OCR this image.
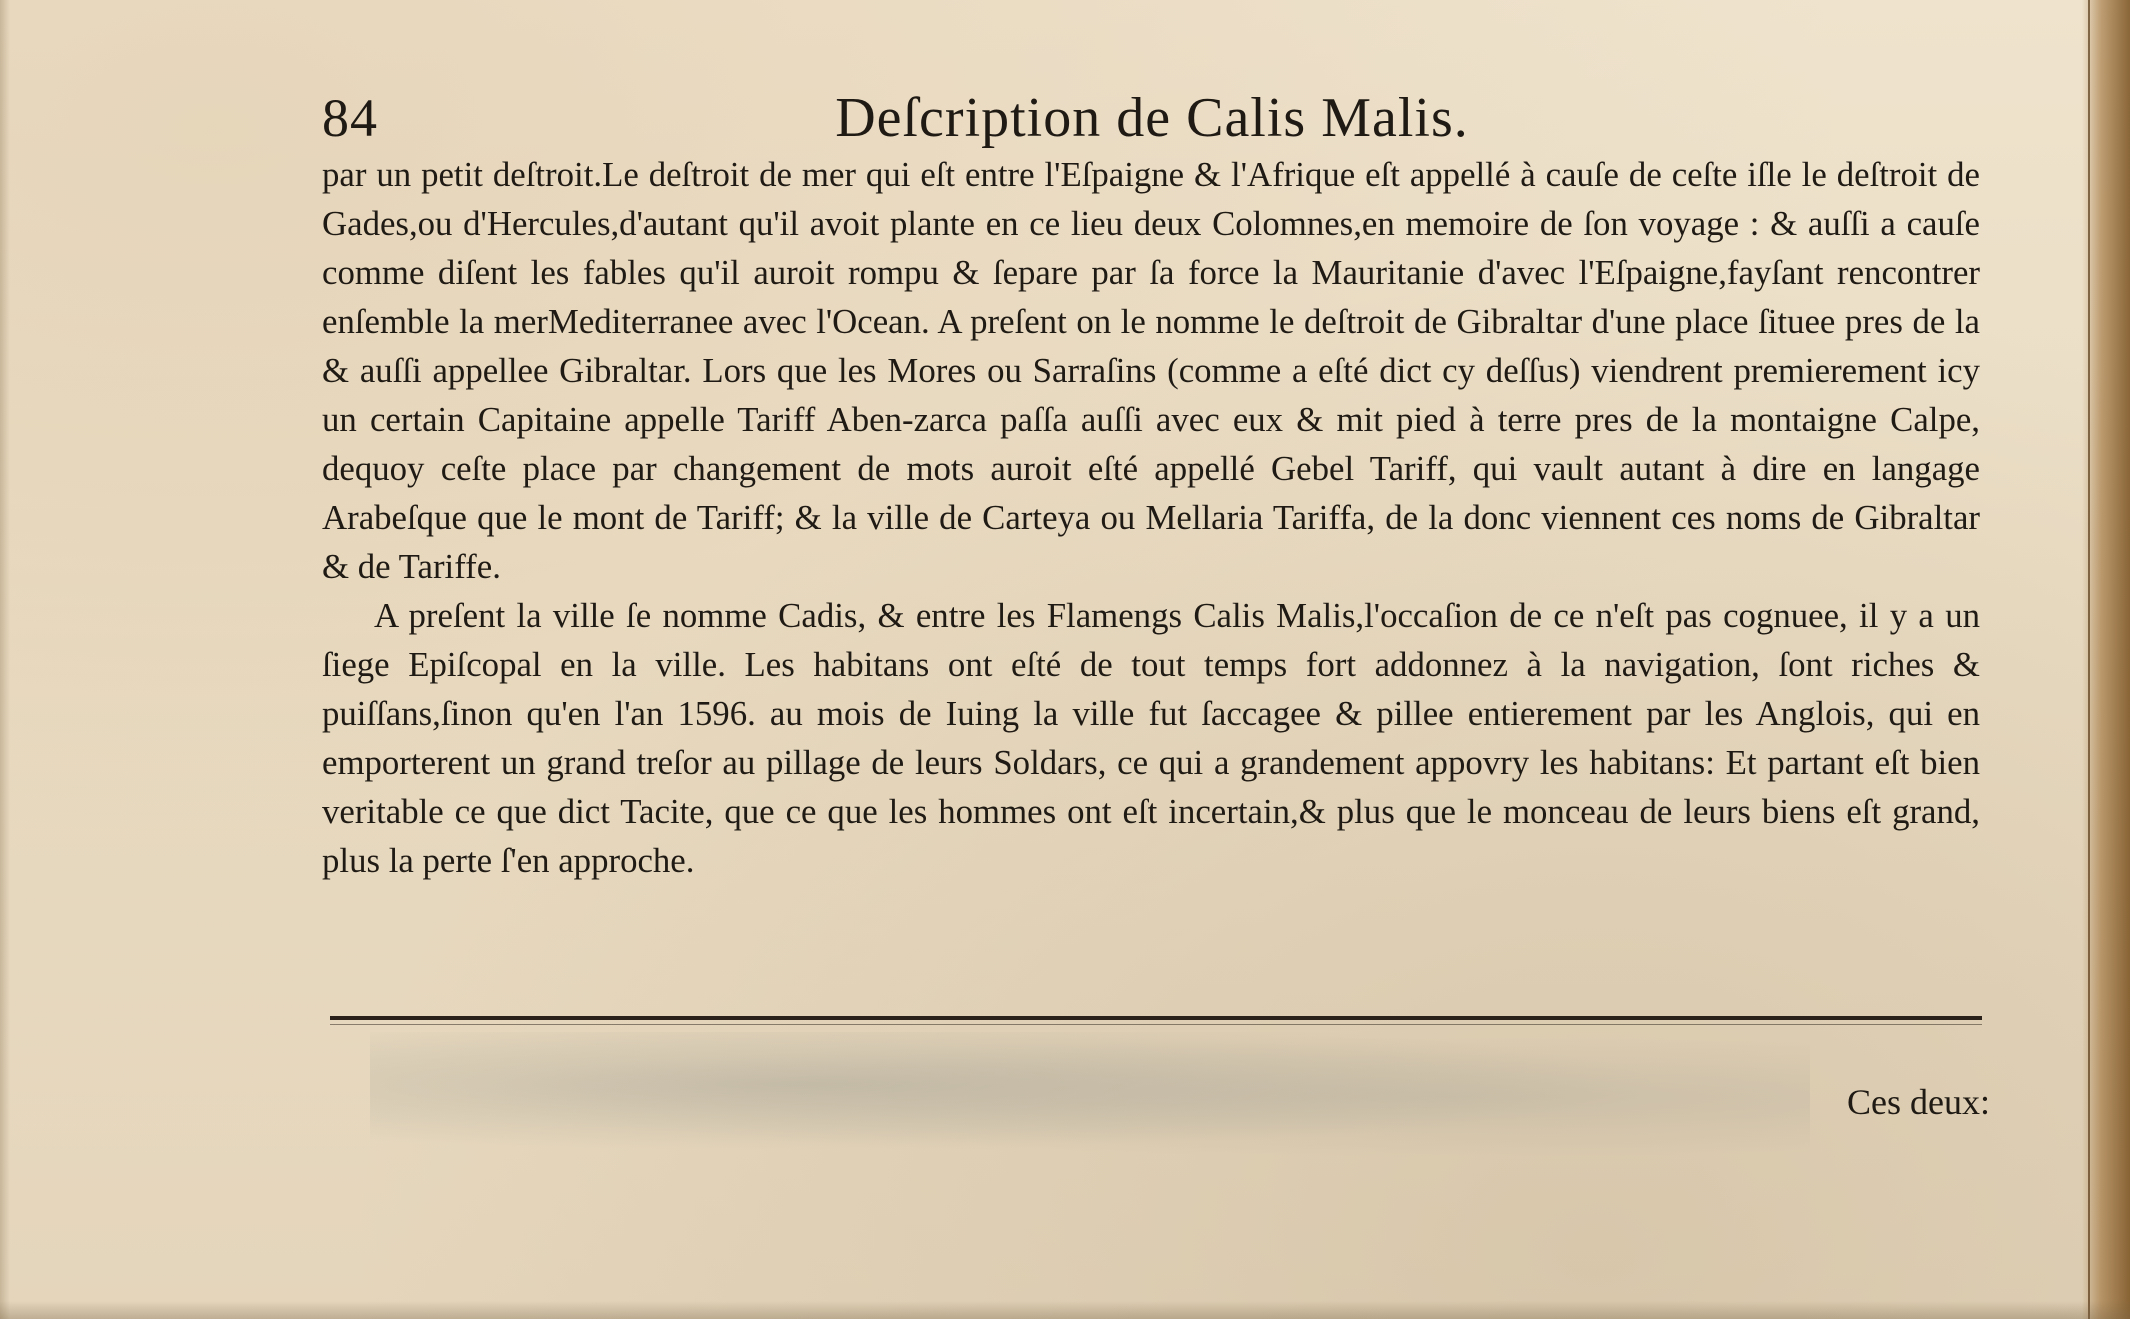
84	Deſcription de Calis Malis.

par un petit deſtroit.Le deſtroit de mer qui eſt entre l'Eſpaigne & l'Afrique eſt appellé à cauſe de ceſte iſle le deſtroit de Gades,ou d'Hercules,d'autant qu'il avoit plante en ce lieu deux Colomnes,en memoire de ſon voyage : & auſſi a cauſe comme diſent les fables qu'il auroit rompu & ſepare par ſa force la Mauritanie d'avec l'Eſpaigne,fayſant rencontrer enſemble la merMediterranee avec l'Ocean. A preſent on le nomme le deſtroit de Gibraltar d'une place ſituee pres de la & auſſi appellee Gibraltar. Lors que les Mores ou Sarraſins (comme a eſté dict cy deſſus) viendrent premierement icy un certain Capitaine appelle Tariff Aben-zarca paſſa auſſi avec eux & mit pied à terre pres de la montaigne Calpe, dequoy ceſte place par changement de mots auroit eſté appellé Gebel Tariff, qui vault autant à dire en langage Arabeſque que le mont de Tariff; & la ville de Carteya ou Mellaria Tariffa, de la donc viennent ces noms de Gibraltar & de Tariffe.

A preſent la ville ſe nomme Cadis, & entre les Flamengs Calis Malis,l'occaſion de ce n'eſt pas cognuee, il y a un ſiege Epiſcopal en la ville. Les habitans ont eſté de tout temps fort addonnez à la navigation, ſont riches & puiſſans,ſinon qu'en l'an 1596. au mois de Iuing la ville fut ſaccagee & pillee entierement par les Anglois, qui en emporterent un grand treſor au pillage de leurs Soldars, ce qui a grandement appovry les habitans: Et partant eſt bien veritable ce que dict Tacite, que ce que les hommes ont eſt incertain,& plus que le monceau de leurs biens eſt grand, plus la perte ſ'en approche.

Ces deux:
